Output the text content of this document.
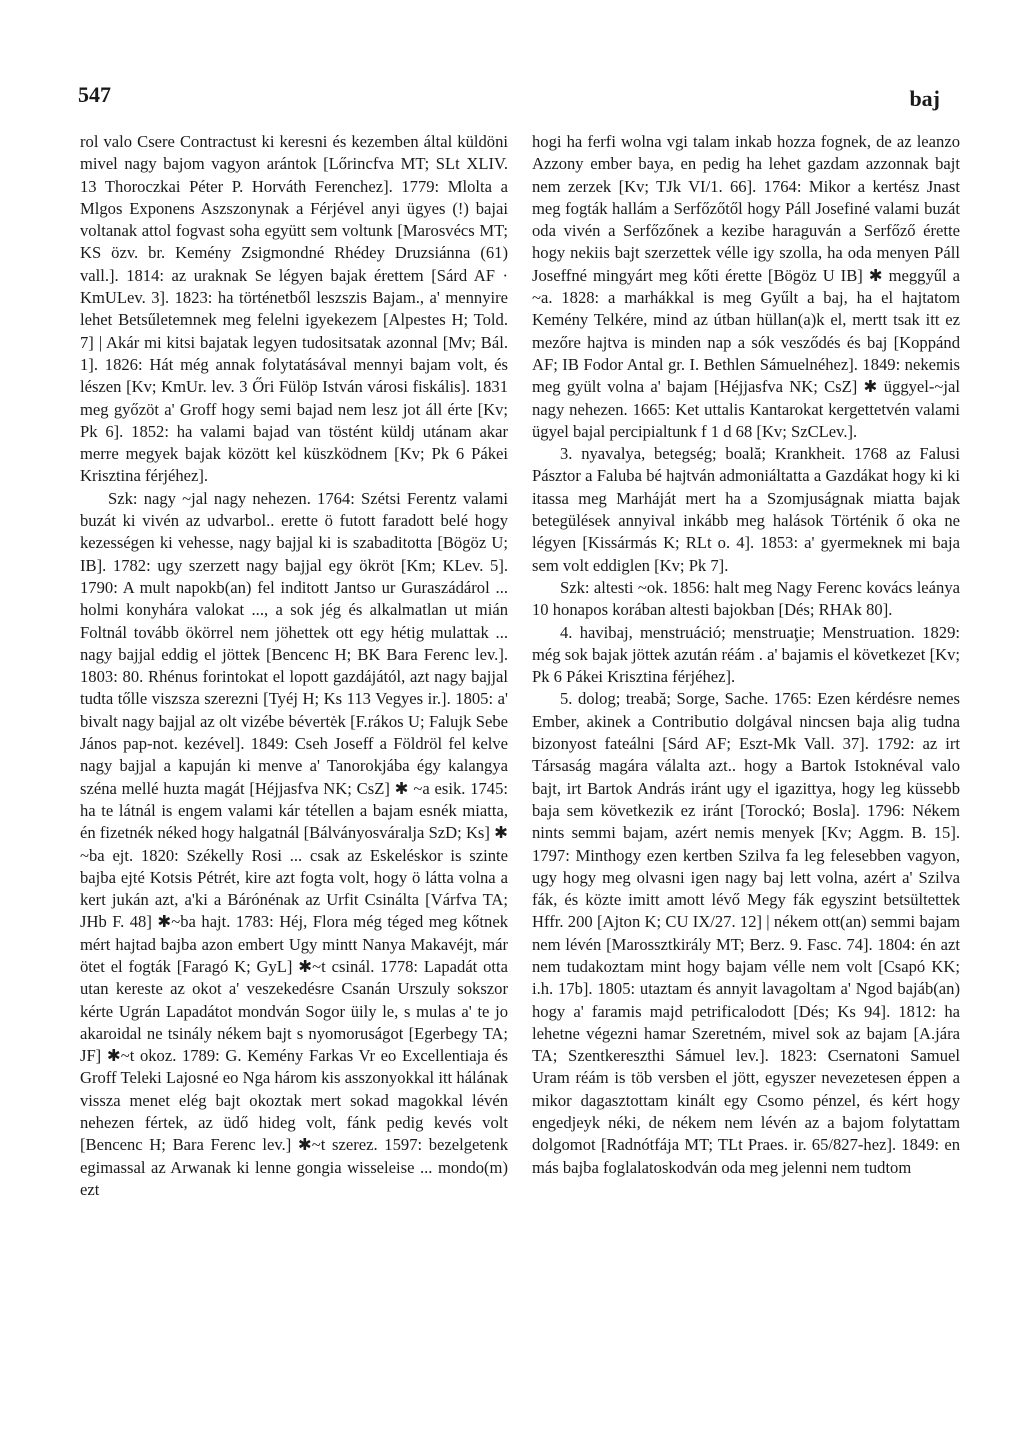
547	baj

rol valo Csere Contractust ki keresni és kezemben által küldöni mivel nagy bajom vagyon arántok [Lőrincfva MT; SLt XLIV. 13 Thoroczkai Péter P. Horváth Ferenchez]. 1779: Mlolta a Mlgos Exponens Aszszonynak a Férjével anyi ügyes (!) bajai voltanak attol fogvast soha együtt sem voltunk [Marosvécs MT; KS özv. br. Kemény Zsigmondné Rhédey Druzsiánna (61) vall.]. 1814: az uraknak Se légyen bajak érettem [Sárd AF · KmULev. 3]. 1823: ha történetből leszszis Bajam., a' mennyire lehet Betsűletemnek meg felelni igyekezem [Alpestes H; Told. 7] | Akár mi kitsi bajatak legyen tudositsatak azonnal [Mv; Bál. 1]. 1826: Hát még annak folytatásával mennyi bajam volt, és lészen [Kv; KmUr. lev. 3 Őri Fülöp István városi fiskális]. 1831 meg győzöt a' Groff hogy semi bajad nem lesz jot áll érte [Kv; Pk 6]. 1852: ha valami bajad van töstént küldj utánam akar merre megyek bajak között kel küszködnem [Kv; Pk 6 Pákei Krisztina férjéhez].

Szk: nagy ~jal nagy nehezen. 1764: Szétsi Ferentz valami buzát ki vivén az udvarbol.. erette ö futott faradott belé hogy kezességen ki vehesse, nagy bajjal ki is szabaditotta [Bögöz U; IB]. 1782: ugy szerzett nagy bajjal egy ökröt [Km; KLev. 5]. 1790: A mult napokb(an) fel inditott Jantso ur Guraszádárol ... holmi konyhára valokat ..., a sok jég és alkalmatlan ut mián Foltnál tovább ökörrel nem jöhettek ott egy hétig mulattak ... nagy bajjal eddig el jöttek [Bencenc H; BK Bara Ferenc lev.]. 1803: 80. Rhénus forintokat el lopott gazdájától, azt nagy bajjal tudta tőlle viszsza szerezni [Tyéj H; Ks 113 Vegyes ir.]. 1805: a' bivalt nagy bajjal az olt vizébe bévertėk [F.rákos U; Falujk Sebe János pap-not. kezével]. 1849: Cseh Joseff a Földröl fel kelve nagy bajjal a kapuján ki menve a' Tanorokjába égy kalangya széna mellé huzta magát [Héjjasfva NK; CsZ] ✱ ~a esik. 1745: ha te látnál is engem valami kár tétellen a bajam esnék miatta, én fizetnék néked hogy halgatnál [Bálványosváralja SzD; Ks] ✱ ~ba ejt. 1820: Székelly Rosi ... csak az Eskeléskor is szinte bajba ejté Kotsis Pétrét, kire azt fogta volt, hogy ö látta volna a kert jukán azt, a'ki a Bárónénak az Urfit Csinálta [Várfva TA; JHb F. 48] ✱~ba hajt. 1783: Héj, Flora még téged meg kőtnek mért hajtad bajba azon embert Ugy mintt Nanya Makavéjt, már ötet el fogták [Faragó K; GyL] ✱~t csinál. 1778: Lapadát otta utan kereste az okot a' veszekedésre Csanán Urszuly sokszor kérte Ugrán Lapadátot mondván Sogor üily le, s mulas a' te jo akaroidal ne tsinály nékem bajt s nyomoruságot [Egerbegy TA; JF] ✱~t okoz. 1789: G. Kemény Farkas Vr eo Excellentiaja és Groff Teleki Lajosné eo Nga három kis asszonyokkal itt hálának vissza menet elég bajt okoztak mert sokad magokkal lévén nehezen fértek, az üdő hideg volt, fánk pedig kevés volt [Bencenc H; Bara Ferenc lev.] ✱~t szerez. 1597: bezelgetenk egimassal az Arwanak ki lenne gongia wisseleise ... mondo(m) ezt

hogi ha ferfi wolna vgi talam inkab hozza fognek, de az leanzo Azzony ember baya, en pedig ha lehet gazdam azzonnak bajt nem zerzek [Kv; TJk VI/1. 66]. 1764: Mikor a kertész Jnast meg fogták hallám a Serfőzőtől hogy Páll Josefiné valami buzát oda vivén a Serfőzőnek a kezibe haraguván a Serfőző érette hogy nekiis bajt szerzettek vélle igy szolla, ha oda menyen Páll Joseffné mingyárt meg kőti érette [Bögöz U IB] ✱ meggyűl a ~a. 1828: a marhákkal is meg Gyűlt a baj, ha el hajtatom Kemény Telkére, mind az útban hüllan(a)k el, mertt tsak itt ez mezőre hajtva is minden nap a sók vesződés és baj [Koppánd AF; IB Fodor Antal gr. I. Bethlen Sámuelnéhez]. 1849: nekemis meg gyült volna a' bajam [Héjjasfva NK; CsZ] ✱ üggyel-~jal nagy nehezen. 1665: Ket uttalis Kantarokat kergettetvén valami ügyel bajal percipialtunk f 1 d 68 [Kv; SzCLev.].

3. nyavalya, betegség; boală; Krankheit. 1768 az Falusi Pásztor a Faluba bé hajtván admoniáltatta a Gazdákat hogy ki ki itassa meg Marháját mert ha a Szomjuságnak miatta bajak betegülések annyival inkább meg halások Történik ő oka ne légyen [Kissármás K; RLt o. 4]. 1853: a' gyermeknek mi baja sem volt eddiglen [Kv; Pk 7].

Szk: altesti ~ok. 1856: halt meg Nagy Ferenc kovács leánya 10 honapos korában altesti bajokban [Dés; RHAk 80].

4. havibaj, menstruáció; menstruaţie; Menstruation. 1829: még sok bajak jöttek azután réám . a' bajamis el következet [Kv; Pk 6 Pákei Krisztina férjéhez].

5. dolog; treabă; Sorge, Sache. 1765: Ezen kérdésre nemes Ember, akinek a Contributio dolgával nincsen baja alig tudna bizonyost fateálni [Sárd AF; Eszt-Mk Vall. 37]. 1792: az irt Társaság magára válalta azt.. hogy a Bartok Istoknéval valo bajt, irt Bartok András iránt ugy el igazittya, hogy leg küssebb baja sem következik ez iránt [Torockó; Bosla]. 1796: Nékem nints semmi bajam, azért nemis menyek [Kv; Aggm. B. 15]. 1797: Minthogy ezen kertben Szilva fa leg felesebben vagyon, ugy hogy meg olvasni igen nagy baj lett volna, azért a' Szilva fák, és közte imitt amott lévő Megy fák egyszint betsültettek Hffr. 200 [Ajton K; CU IX/27. 12] | nékem ott(an) semmi bajam nem lévén [Marossztkirály MT; Berz. 9. Fasc. 74]. 1804: én azt nem tudakoztam mint hogy bajam vélle nem volt [Csapó KK; i.h. 17b]. 1805: utaztam és annyit lavagoltam a' Ngod bajáb(an) hogy a' faramis majd petrificalodott [Dés; Ks 94]. 1812: ha lehetne végezni hamar Szeretném, mivel sok az bajam [A.jára TA; Szentkereszthi Sámuel lev.]. 1823: Csernatoni Samuel Uram réám is töb versben el jött, egyszer nevezetesen éppen a mikor dagasztottam kinált egy Csomo pénzel, és kért hogy engedjeyk néki, de nékem nem lévén az a bajom folytattam dolgomot [Radnótfája MT; TLt Praes. ir. 65/827-hez]. 1849: en más bajba foglalatoskodván oda meg jelenni nem tudtom
